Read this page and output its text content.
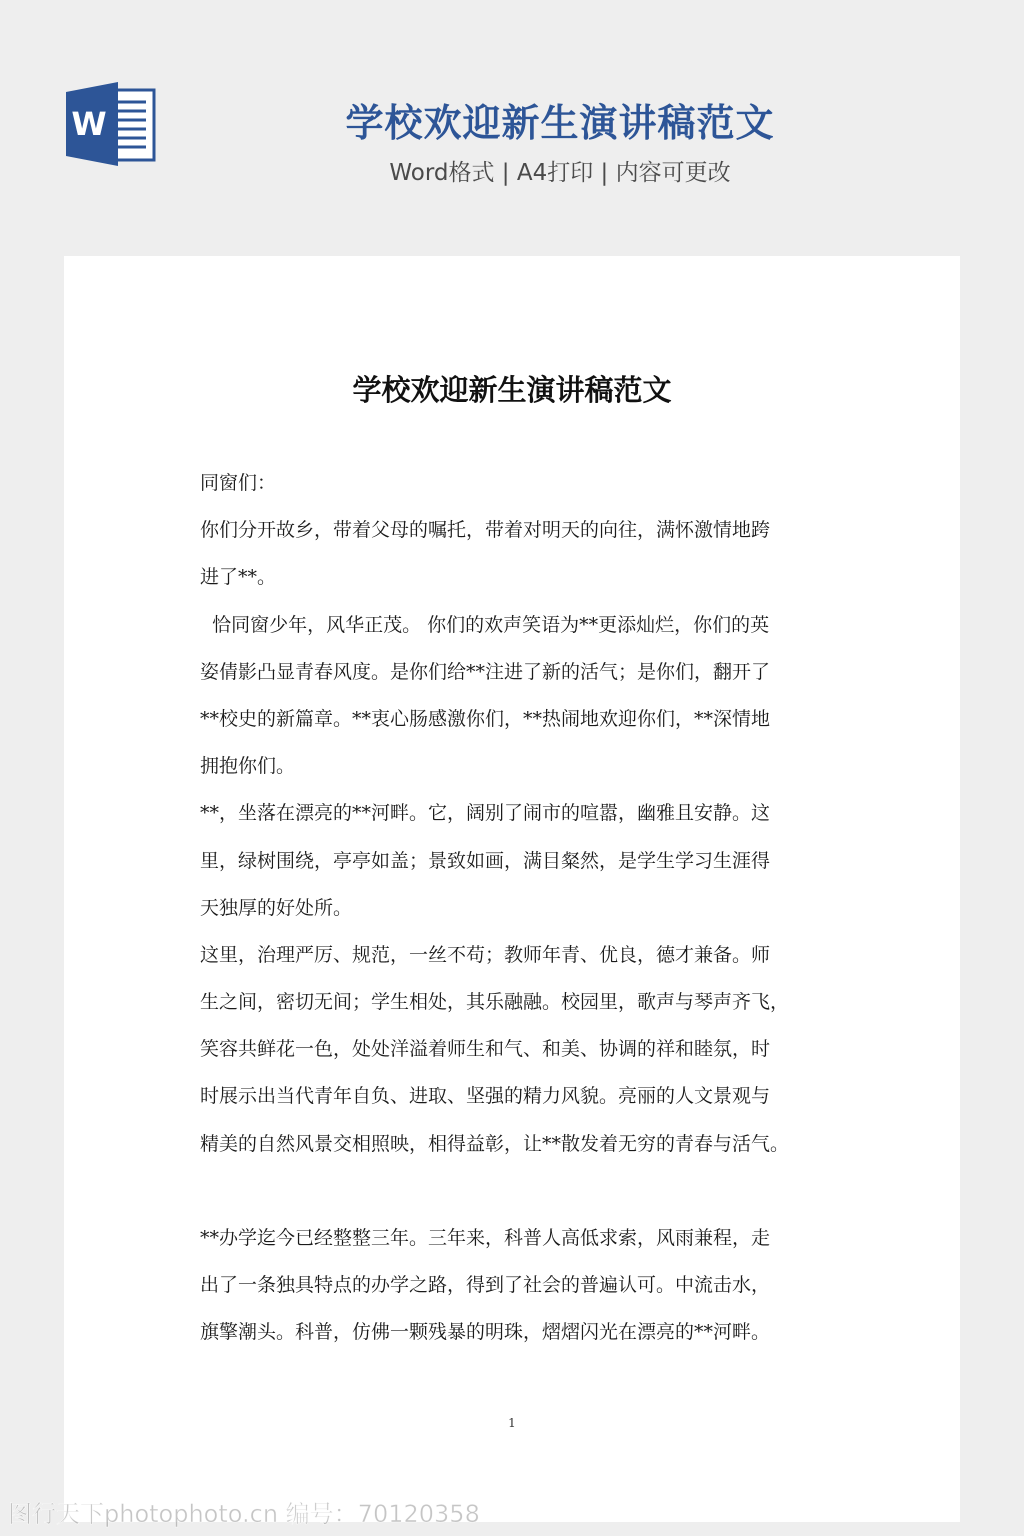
W	学校欢迎新生演讲稿范文
Word格式 | A4打印 | 内容可更改
学校欢迎新生演讲稿范文
同窗们：
你们分开故乡，带着父母的嘱托，带着对明天的向往，满怀激情地跨
进了**。
恰同窗少年，风华正茂。 你们的欢声笑语为**更添灿烂，你们的英
姿倩影凸显青春风度。是你们给**注进了新的活气；是你们，翻开了
**校史的新篇章。**衷心肠感激你们，**热闹地欢迎你们，**深情地
拥抱你们。
**，坐落在漂亮的**河畔。它，阔别了闹市的喧嚣，幽雅且安静。这
里，绿树围绕，亭亭如盖；景致如画，满目粲然，是学生学习生涯得
天独厚的好处所。
这里，治理严厉、规范，一丝不苟；教师年青、优良，德才兼备。师
生之间，密切无间；学生相处，其乐融融。校园里，歌声与琴声齐飞，
笑容共鲜花一色，处处洋溢着师生和气、和美、协调的祥和睦氛，时
时展示出当代青年自负、进取、坚强的精力风貌。亮丽的人文景观与
精美的自然风景交相照映，相得益彰，让**散发着无穷的青春与活气。
**办学迄今已经整整三年。三年来，科普人高低求索，风雨兼程，走
出了一条独具特点的办学之路，得到了社会的普遍认可。中流击水，
旗擎潮头。科普，仿佛一颗残暴的明珠，熠熠闪光在漂亮的**河畔。
1
图行天下photophoto.cn 编号：70120358
